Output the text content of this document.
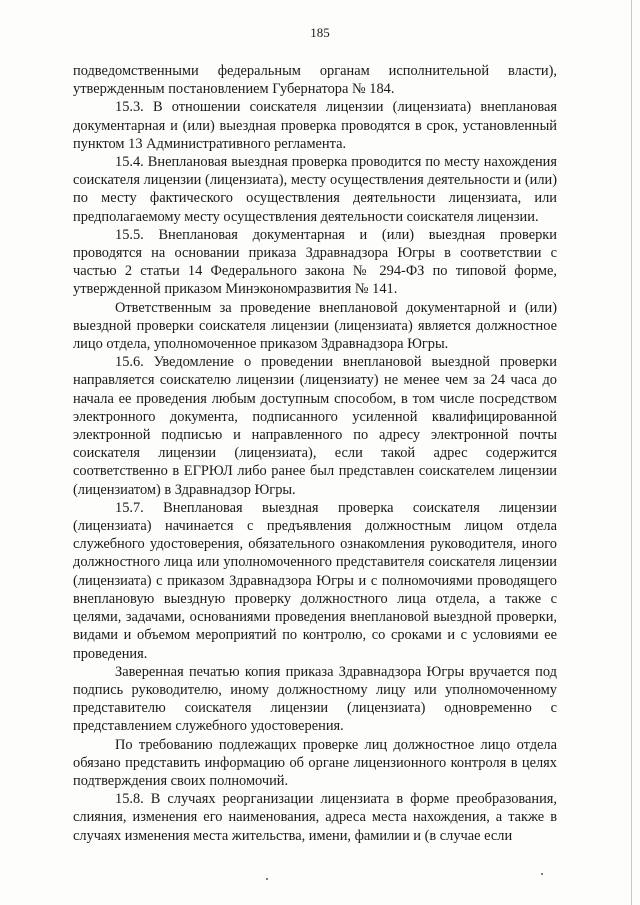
185

подведомственными федеральным органам исполнительной власти), утвержденным постановлением Губернатора № 184.

15.3. В отношении соискателя лицензии (лицензиата) внеплановая документарная и (или) выездная проверка проводятся в срок, установленный пунктом 13 Административного регламента.

15.4. Внеплановая выездная проверка проводится по месту нахождения соискателя лицензии (лицензиата), месту осуществления деятельности и (или) по месту фактического осуществления деятельности лицензиата, или предполагаемому месту осуществления деятельности соискателя лицензии.

15.5. Внеплановая документарная и (или) выездная проверки проводятся на основании приказа Здравнадзора Югры в соответствии с частью 2 статьи 14 Федерального закона № 294-ФЗ по типовой форме, утвержденной приказом Минэкономразвития № 141.

Ответственным за проведение внеплановой документарной и (или) выездной проверки соискателя лицензии (лицензиата) является должностное лицо отдела, уполномоченное приказом Здравнадзора Югры.

15.6. Уведомление о проведении внеплановой выездной проверки направляется соискателю лицензии (лицензиату) не менее чем за 24 часа до начала ее проведения любым доступным способом, в том числе посредством электронного документа, подписанного усиленной квалифицированной электронной подписью и направленного по адресу электронной почты соискателя лицензии (лицензиата), если такой адрес содержится соответственно в ЕГРЮЛ либо ранее был представлен соискателем лицензии (лицензиатом) в Здравнадзор Югры.

15.7. Внеплановая выездная проверка соискателя лицензии (лицензиата) начинается с предъявления должностным лицом отдела служебного удостоверения, обязательного ознакомления руководителя, иного должностного лица или уполномоченного представителя соискателя лицензии (лицензиата) с приказом Здравнадзора Югры и с полномочиями проводящего внеплановую выездную проверку должностного лица отдела, а также с целями, задачами, основаниями проведения внеплановой выездной проверки, видами и объемом мероприятий по контролю, со сроками и с условиями ее проведения.

Заверенная печатью копия приказа Здравнадзора Югры вручается под подпись руководителю, иному должностному лицу или уполномоченному представителю соискателя лицензии (лицензиата) одновременно с представлением служебного удостоверения.

По требованию подлежащих проверке лиц должностное лицо отдела обязано представить информацию об органе лицензионного контроля в целях подтверждения своих полномочий.

15.8. В случаях реорганизации лицензиата в форме преобразования, слияния, изменения его наименования, адреса места нахождения, а также в случаях изменения места жительства, имени, фамилии и (в случае если
